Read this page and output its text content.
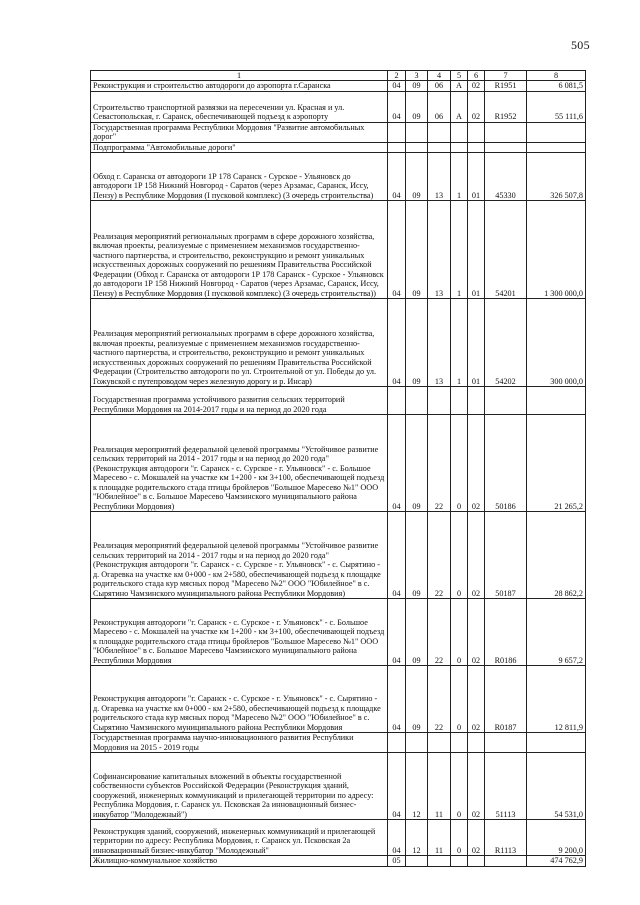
505
1	2	3	4	5	6	7	8
Реконструкция и строительство автодороги до аэропорта г.Саранска	04	09	06	А	02	R1951	6 081,5
Строительство транспортной развязки на пересечении ул. Красная и ул. Севастопольская, г. Саранск, обеспечивающей подъезд к аэропорту	04	09	06	А	02	R1952	55 111,6
Государственная программа Республики Мордовия "Развитие автомобильных дорог"							
Подпрограмма "Автомобильные дороги"							
Обход г. Саранска от автодороги 1Р 178 Саранск - Сурское - Ульяновск до автодороги 1Р 158 Нижний Новгород - Саратов (через Арзамас, Саранск, Иссу, Пензу) в Республике Мордовия (I пусковой комплекс) (3 очередь строительства)	04	09	13	1	01	45330	326 507,8
Реализация мероприятий региональных программ в сфере дорожного хозяйства, включая проекты, реализуемые с применением механизмов государственно-частного партнерства, и строительство, реконструкцию и ремонт уникальных искусственных дорожных сооружений по решениям Правительства Российской Федерации (Обход г. Саранска от автодороги 1Р 178 Саранск - Сурское - Ульяновск до автодороги 1Р 158 Нижний Новгород - Саратов (через Арзамас, Саранск, Иссу, Пензу) в Республике Мордовия (I пусковой комплекс) (3 очередь строительства))	04	09	13	1	01	54201	1 300 000,0
Реализация мероприятий региональных программ в сфере дорожного хозяйства, включая проекты, реализуемые с применением механизмов государственно-частного партнерства, и строительство, реконструкцию и ремонт уникальных искусственных дорожных сооружений по решениям Правительства Российской Федерации (Строительство автодороги по ул. Строительной от ул. Победы до ул. Гожувской с путепроводом через железную дорогу и р. Инсар)	04	09	13	1	01	54202	300 000,0
Государственная программа устойчивого развития сельских территорий Республики Мордовия на 2014-2017 годы и на период до 2020 года							
Реализация мероприятий федеральной целевой программы "Устойчивое развитие сельских территорий на 2014 - 2017 годы и на период до 2020 года" (Реконструкция автодороги "г. Саранск - с. Сурское - г. Ульяновск" - с. Большое Маресево - с. Мокшалей на участке км 1+200 - км 3+100, обеспечивающей подъезд к площадке родительского стада птицы бройлеров "Большое Маресево №1" ООО "Юбилейное" в с. Большое Маресево Чамзинского муниципального района Республики Мордовия)	04	09	22	0	02	50186	21 265,2
Реализация мероприятий федеральной целевой программы "Устойчивое развитие сельских территорий на 2014 - 2017 годы и на период до 2020 года" (Реконструкция автодороги "г. Саранск - с. Сурское - г. Ульяновск" - с. Сырятино - д. Огаревка на участке км 0+000 - км 2+580, обеспечивающей подъезд к площадке родительского стада кур мясных пород "Маресево №2" ООО "Юбилейное" в с. Сырятино Чамзинского муниципального района Республики Мордовия)	04	09	22	0	02	50187	28 862,2
Реконструкция автодороги "г. Саранск - с. Сурское - г. Ульяновск" - с. Большое Маресево - с. Мокшалей на участке км 1+200 - км 3+100, обеспечивающей подъезд к площадке родительского стада птицы бройлеров "Большое Маресево №1" ООО "Юбилейное" в с. Большое Маресево Чамзинского муниципального района Республики Мордовия	04	09	22	0	02	R0186	9 657,2
Реконструкция автодороги "г. Саранск - с. Сурское - г. Ульяновск" - с. Сырятино - д. Огаревка на участке км 0+000 - км 2+580, обеспечивающей подъезд к площадке родительского стада кур мясных пород "Маресево №2" ООО "Юбилейное" в с. Сырятино Чамзинского муниципального района Республики Мордовия	04	09	22	0	02	R0187	12 811,9
Государственная программа научно-инновационного развития Республики Мордовия на 2015 - 2019 годы							
Софинансирование капитальных вложений в объекты государственной собственности субъектов Российской Федерации (Реконструкция зданий, сооружений, инженерных коммуникаций и прилегающей территории по адресу: Республика Мордовия, г. Саранск ул. Псковская 2а инновационный бизнес-инкубатор "Молодежный")	04	12	11	0	02	51113	54 531,0
Реконструкция зданий, сооружений, инженерных коммуникаций и прилегающей территории по адресу: Республика Мордовия, г. Саранск ул. Псковская 2а инновационный бизнес-инкубатор "Молодежный"	04	12	11	0	02	R1113	9 200,0
Жилищно-коммунальное хозяйство	05						474 762,9
